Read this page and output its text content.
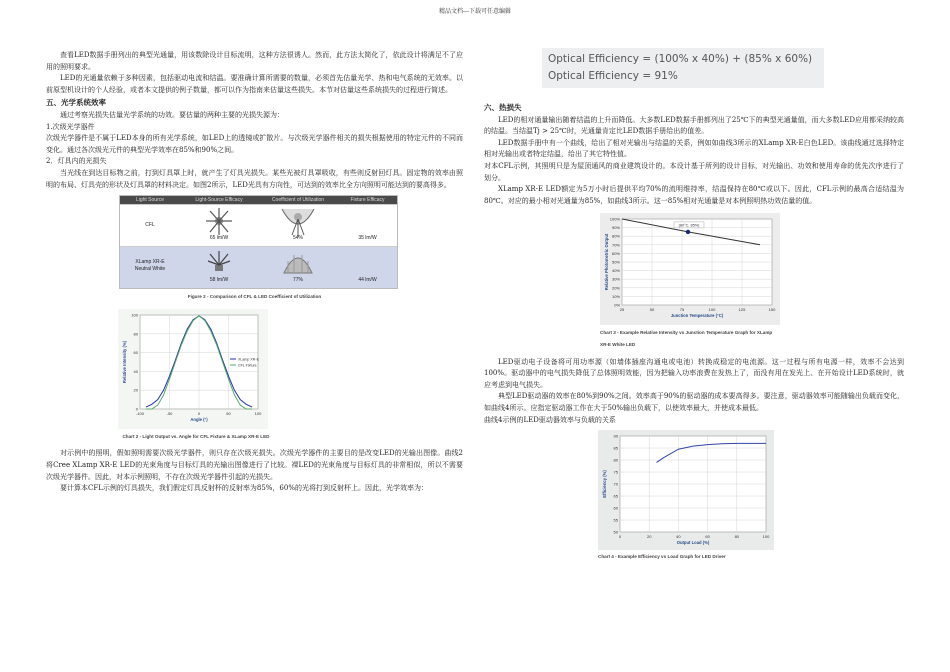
精品文档---下载可任意编辑

查看LED数据手册列出的典型光通量，用该数除设计目标流明，这种方法很诱人。然而，此方法太简化了，依此设计将满足不了应用的照明要求。

LED的光通量依赖于多种因素，包括驱动电流和结温。要准确计算所需要的数量，必须首先估量光学、热和电气系统的无效率。以前原型机设计的个人经验，或者本文提供的例子数量，都可以作为指南来估量这些损失。本节对估量这些系统损失的过程进行简述。

五、光学系统效率

通过考察光损失估量光学系统的功效。要估量的两种主要的光损失源为：

1.次级光学器件

次级光学器件是不属于LED本身的所有光学系统，如LED上的透镜或扩散片。与次级光学器件相关的损失根据使用的特定元件的不同而变化。通过各次级光元件的典型光学效率在85%和90%之间。

2．灯具内的光损失

当光线在到达目标物之前，打到灯具罩上时，就产生了灯具光损失。某些光被灯具罩吸收，有些则反射回灯具。固定物的效率由照明的布局、灯具壳的形状及灯具罩的材料决定。如图2所示，LED光具有方向性，可达到的效率比全方向照明可能达到的要高得多。

Light Source	Light-Source Efficacy	Coefficient of Utilization	Fixture Efficacy
CFL
65 lm/W	54%	35 lm/W
XLamp XR-E
Neutral White
58 lm/W	77%	44 lm/W
Figure 2 - Comparison of CFL & LED Coefficient of Utilization
0
20
40
60
80
100
-100	-50	0	50	100
Angle (°)
Relative Intensity (%)	XLamp XR-E
CFL Fixture
Chart 2 - Light Output vs. Angle for CFL Fixture & XLamp XR-E LED

对示例中的照明，假如照明需要次级光学器件，则只存在次级光损失。次级光学器件的主要目的是改变LED的光输出图像。曲线2将Cree XLamp XR-E LED的光束角度与目标灯具的光输出图像进行了比较。裸LED的光束角度与目标灯具的非常相似，所以不需要次级光学器件。因此，对本示例照明，不存在次级光学器件引起的光损失。

要计算本CFL示例的灯具损失，我们假定灯具反射杯的反射率为85%，60%的光将打到反射杯上。因此，光学效率为：

Optical Efficiency = (100% x 40%) + (85% x 60%)
Optical Efficiency = 91%

六、热损失

LED的相对通量输出随着结温的上升而降低。大多数LED数据手册都列出了25℃下的典型光通量值，而大多数LED应用都采纳较高的结温。当结温Tj > 25℃时，光通量肯定比LED数据手册给出的值差。

LED数据手册中有一个曲线，给出了相对光输出与结温的关系，例如如曲线3所示的XLamp XR-E白色LED。该曲线通过选择特定相对光输出或者特定结温，给出了其它特性值。

对本CFL示例，其照明只是为屋顶通风的商业建筑设计的。本设计基于所列的设计目标，对光输出、功效和使用寿命的优先次序进行了划分。

XLamp XR-E LED额定为5万小时后提供平均70%的流明维持率，结温保持在80℃或以下。因此，CFL示例的最高合适结温为80℃。对应的最小相对光通量为85%，如曲线3所示。这一85%相对光通量是对本例照明热功效估量的值。

100%
90%
80%
70%
60%
50%
40%
30%
20%
10%
0%
25	50	75	100	125	150
Junction Temperature (°C)
Relative Photometric Output
(80°C, 85%)
Chart 3 - Example Relative Intensity vs Junction Temperature Graph for XLamp XR-E White LED

LED驱动电子设备将可用功率源（如墙体插座沟通电或电池）转换成稳定的电流源。这一过程与所有电源一样，效率不会达到100%。驱动器中的电气损失降低了总体照明效能，因为把输入功率浪费在发热上了，而没有用在发光上、在开始设计LED系统时，就应考虑到电气损失。

典型LED驱动器的效率在80%到90%之间。效率高于90%的驱动器的成本要高得多。要注意，驱动器效率可能随输出负载而变化，如曲线4所示。应指定驱动器工作在大于50%输出负载下，以使效率最大，并使成本最低。

曲线4示例的LED驱动器效率与负载的关系

90
85
80
75
70
65
60
55
50
0	20	40	60	80	100
Output Load (%)
Efficiency (%)
Chart 4 - Example Efficiency vs Load Graph for LED Driver
